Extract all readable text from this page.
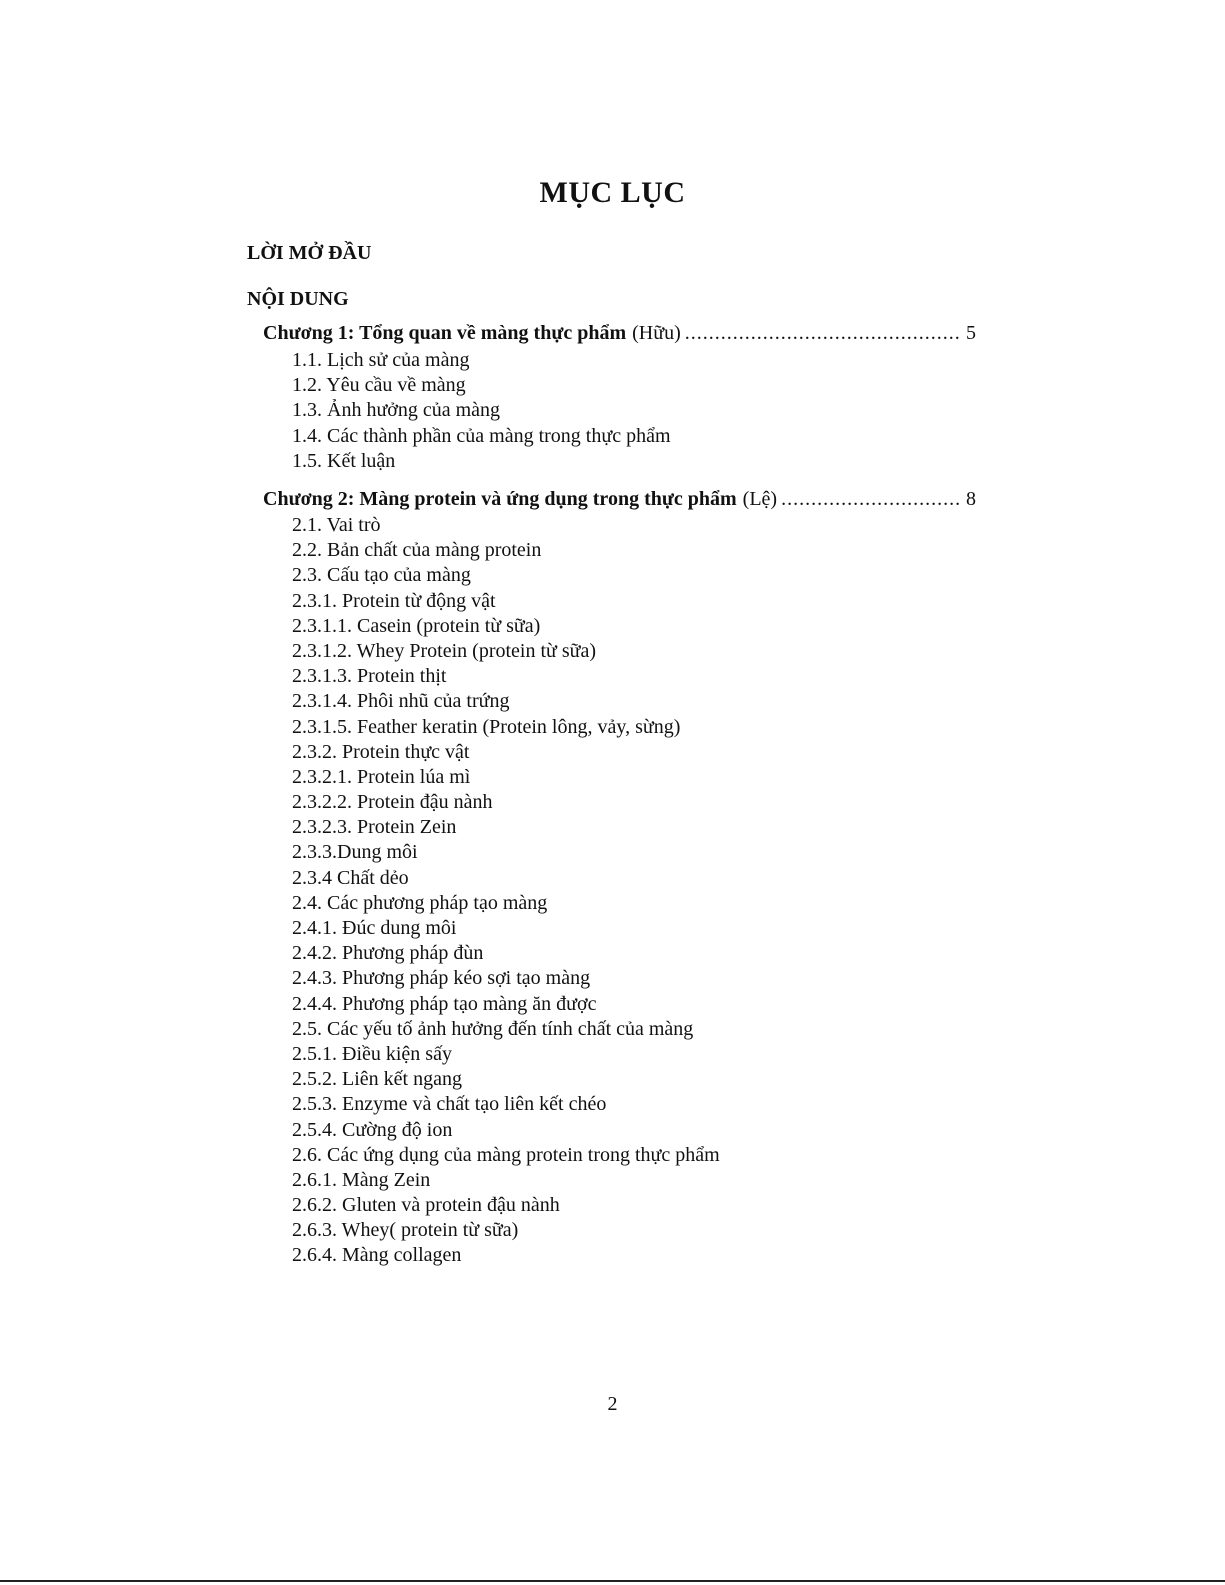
MỤC LỤC
LỜI MỞ ĐẦU
NỘI DUNG
Chương 1: Tổng quan về màng thực phẩm (Hữu) .....	5
1.1. Lịch sử của màng
1.2. Yêu cầu về màng
1.3. Ảnh hưởng của màng
1.4. Các thành phần của màng trong thực phẩm
1.5. Kết luận
Chương 2: Màng protein và ứng dụng trong thực phẩm (Lệ) .....	8
2.1. Vai trò
2.2. Bản chất của màng protein
2.3. Cấu tạo của màng
2.3.1. Protein từ động vật
2.3.1.1. Casein (protein từ sữa)
2.3.1.2. Whey Protein (protein từ sữa)
2.3.1.3. Protein thịt
2.3.1.4. Phôi nhũ của trứng
2.3.1.5. Feather keratin (Protein lông, vảy, sừng)
2.3.2. Protein thực vật
2.3.2.1. Protein lúa mì
2.3.2.2. Protein đậu nành
2.3.2.3. Protein Zein
2.3.3.Dung môi
2.3.4 Chất dẻo
2.4. Các phương pháp tạo màng
2.4.1. Đúc dung môi
2.4.2. Phương pháp đùn
2.4.3. Phương pháp kéo sợi tạo màng
2.4.4. Phương pháp tạo màng ăn được
2.5. Các yếu tố ảnh hưởng đến tính chất của màng
2.5.1. Điều kiện sấy
2.5.2. Liên kết ngang
2.5.3. Enzyme và chất tạo liên kết chéo
2.5.4. Cường độ ion
2.6. Các ứng dụng của màng protein trong thực phẩm
2.6.1. Màng Zein
2.6.2. Gluten và protein đậu nành
2.6.3. Whey( protein từ sữa)
2.6.4. Màng collagen
2
